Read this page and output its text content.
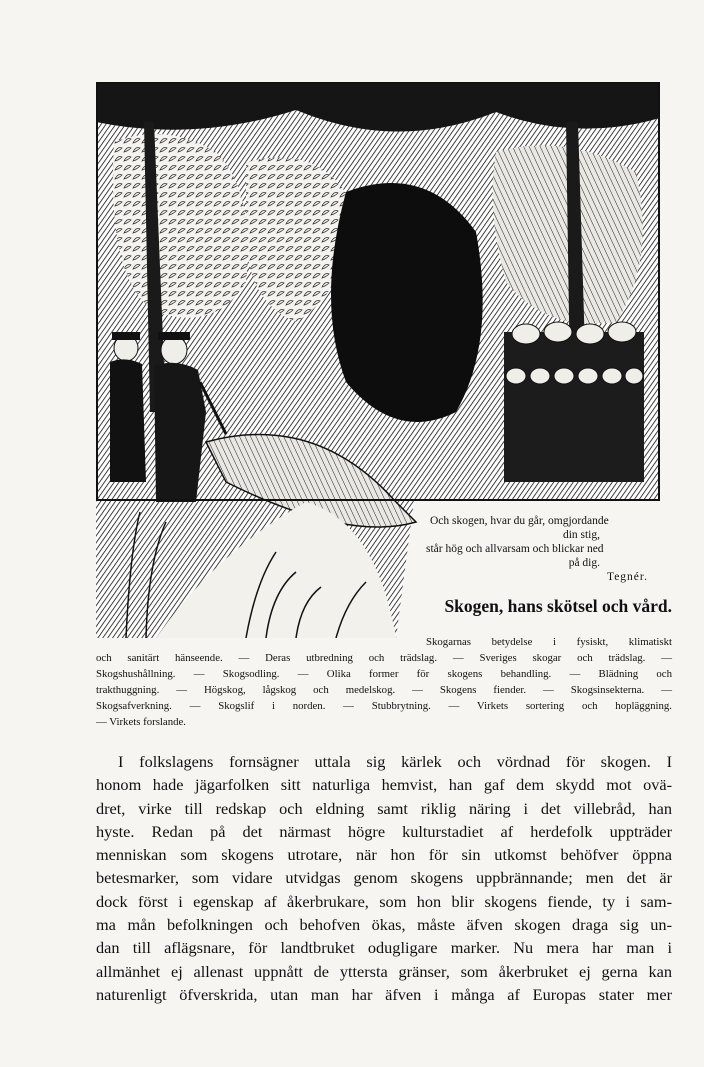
Och skogen, hvar du går, omgjordande
din stig,
står hög och allvarsam och blickar ned
på dig.
Tegnér.
Skogen, hans skötsel och vård.
Skogarnas betydelse i fysiskt, klimatiskt
och sanitärt hänseende. — Deras utbredning och trädslag. — Sveriges skogar och trädslag. —
Skogshushållning. — Skogsodling. — Olika former för skogens behandling. — Blädning och
trakthuggning. — Högskog, lågskog och medelskog. — Skogens fiender. — Skogsinsekterna. —
Skogsafverkning. — Skogslif i norden. — Stubbrytning. — Virkets sortering och hopläggning.
— Virkets forslande.
I folkslagens fornsägner uttala sig kärlek och vördnad för skogen. I
honom hade jägarfolken sitt naturliga hemvist, han gaf dem skydd mot ovä-
dret, virke till redskap och eldning samt riklig näring i det villebråd, han
hyste. Redan på det närmast högre kulturstadiet af herdefolk uppträder
menniskan som skogens utrotare, när hon för sin utkomst behöfver öppna
betesmarker, som vidare utvidgas genom skogens uppbrännande; men det är
dock först i egenskap af åkerbrukare, som hon blir skogens fiende, ty i sam-
ma mån befolkningen och behofven ökas, måste äfven skogen draga sig un-
dan till aflägsnare, för landtbruket odugligare marker. Nu mera har man i
allmänhet ej allenast uppnått de yttersta gränser, som åkerbruket ej gerna kan
naturenligt öfverskrida, utan man har äfven i många af Europas stater mer
